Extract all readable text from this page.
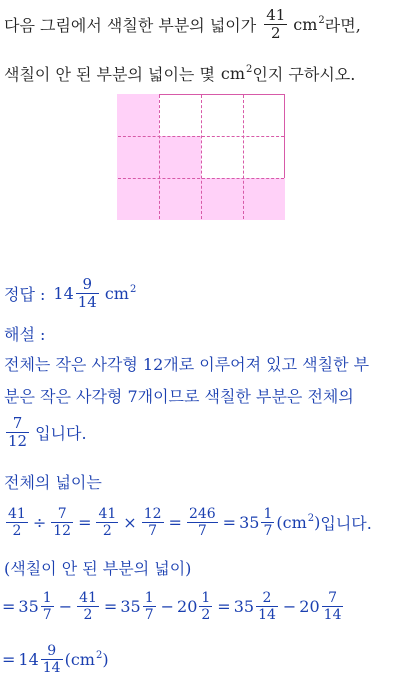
다음 그림에서 색칠한 부분의 넓이가 $\frac{41}{2} cm^2$ 라면,
색칠이 안 된 부분의 넓이는 몇 $cm^2$ 인지 구하시오.
정답 : $14 \frac{9}{14} cm^2$
해설 :
전체는 작은 사각형 12개로 이루어져 있고 색칠한 부
분은 작은 사각형 7개이므로 색칠한 부분은 전체의
$\frac{7}{12}$ 입니다.
전체의 넓이는
$\frac{41}{2} \div \frac{7}{12} = \frac{41}{2} \times \frac{12}{7} = \frac{246}{7} = 35 \frac{1}{7} (cm^2)$ 입니다.
(색칠이 안 된 부분의 넓이)
= $35 \frac{1}{7} - \frac{41}{2} = 35 \frac{1}{7} - 20 \frac{1}{2} = 35 \frac{2}{14} - 20 \frac{7}{14}$
= $14 \frac{9}{14} (cm^2)$
